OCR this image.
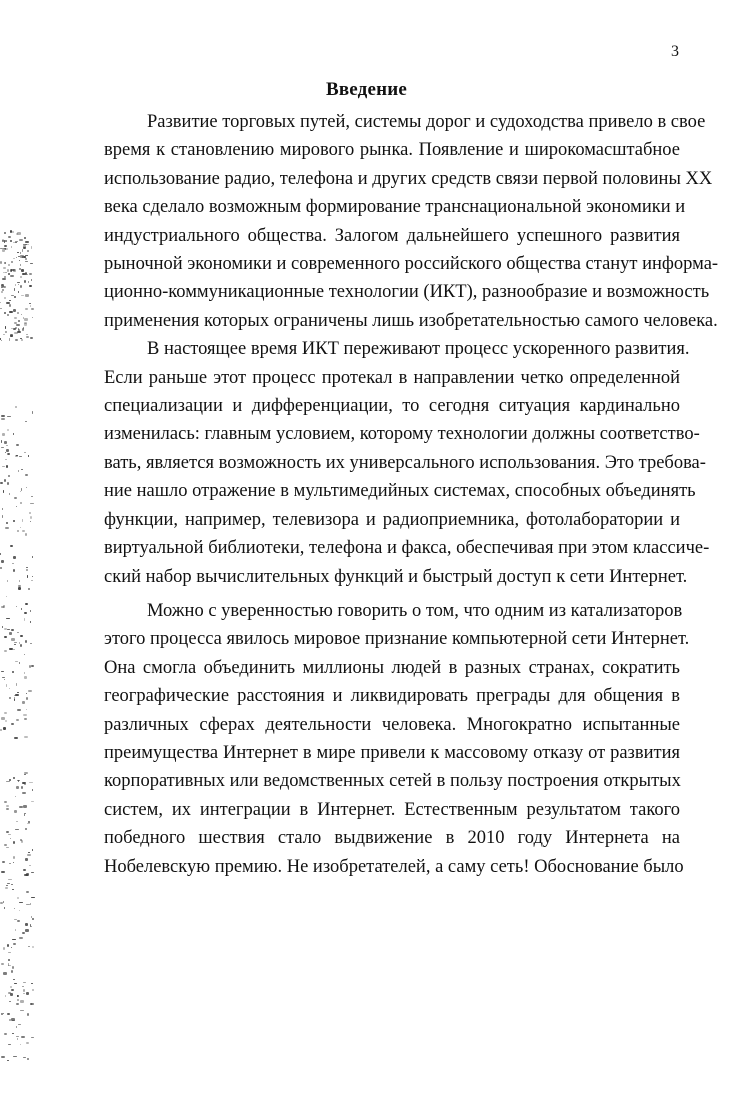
3
Введение
Развитие торговых путей, системы дорог и судоходства привело в свое
время к становлению мирового рынка. Появление и широкомасштабное
использование радио, телефона и других средств связи первой половины XX
века сделало возможным формирование транснациональной экономики и
индустриального общества. Залогом дальнейшего успешного развития
рыночной экономики и современного российского общества станут информа-
ционно-коммуникационные технологии (ИКТ), разнообразие и возможность
применения которых ограничены лишь изобретательностью самого человека.
В настоящее время ИКТ переживают процесс ускоренного развития.
Если раньше этот процесс протекал в направлении четко определенной
специализации и дифференциации, то сегодня ситуация кардинально
изменилась: главным условием, которому технологии должны соответство-
вать, является возможность их универсального использования. Это требова-
ние нашло отражение в мультимедийных системах, способных объединять
функции, например, телевизора и радиоприемника, фотолаборатории и
виртуальной библиотеки, телефона и факса, обеспечивая при этом классиче-
ский набор вычислительных функций и быстрый доступ к сети Интернет.
Можно с уверенностью говорить о том, что одним из катализаторов
этого процесса явилось мировое признание компьютерной сети Интернет.
Она смогла объединить миллионы людей в разных странах, сократить
географические расстояния и ликвидировать преграды для общения в
различных сферах деятельности человека. Многократно испытанные
преимущества Интернет в мире привели к массовому отказу от развития
корпоративных или ведомственных сетей в пользу построения открытых
систем, их интеграции в Интернет. Естественным результатом такого
победного шествия стало выдвижение в 2010 году Интернета на
Нобелевскую премию. Не изобретателей, а саму сеть! Обоснование было
